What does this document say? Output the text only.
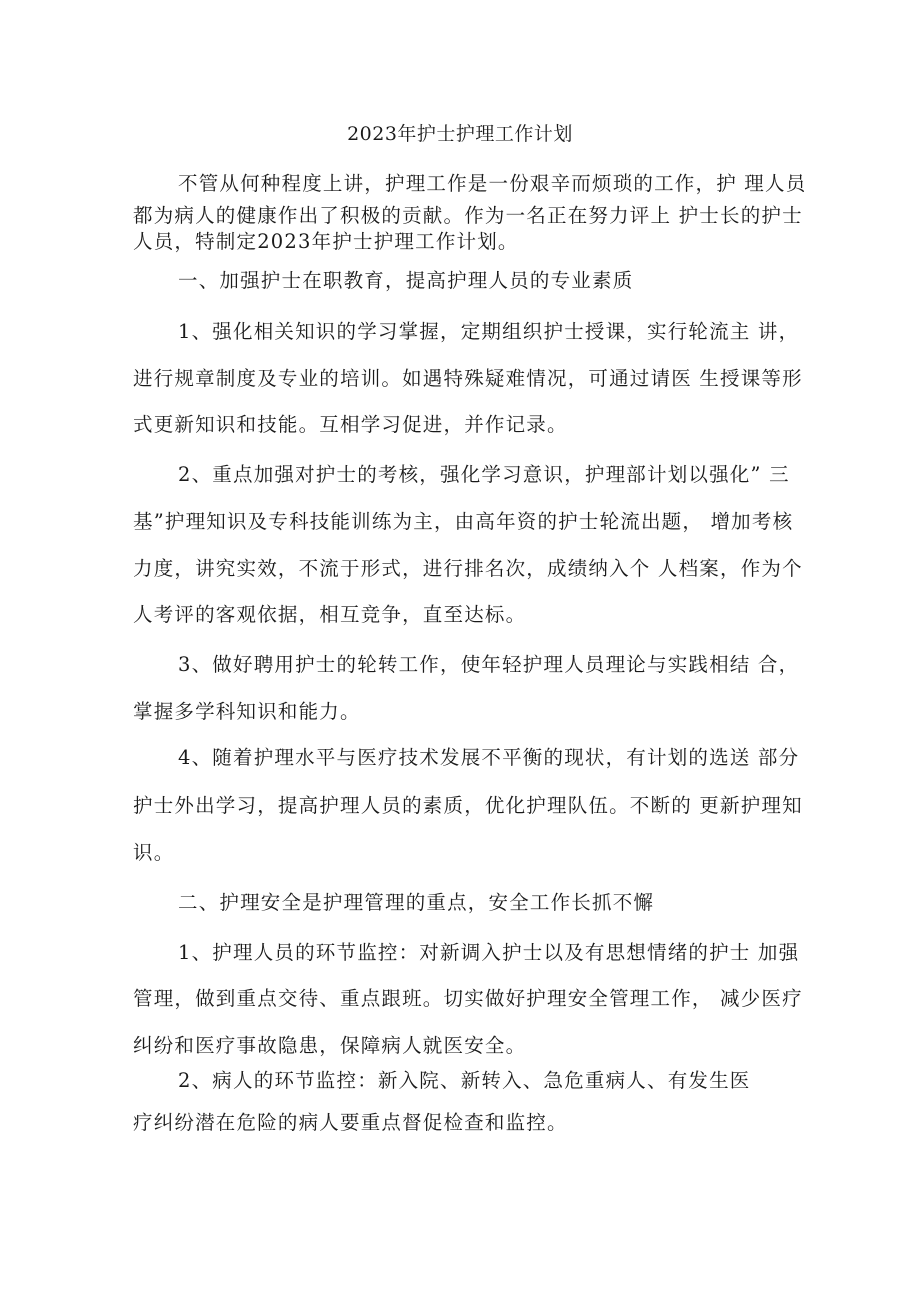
2023年护士护理工作计划
不管从何种程度上讲，护理工作是一份艰辛而烦琐的工作，护 理人员
都为病人的健康作出了积极的贡献。作为一名正在努力评上 护士长的护士
人员，特制定2023年护士护理工作计划。
一、加强护士在职教育，提高护理人员的专业素质
1、强化相关知识的学习掌握，定期组织护士授课，实行轮流主 讲，
进行规章制度及专业的培训。如遇特殊疑难情况，可通过请医 生授课等形
式更新知识和技能。互相学习促进，并作记录。
2、重点加强对护士的考核，强化学习意识，护理部计划以强化” 三
基”护理知识及专科技能训练为主，由高年资的护士轮流出题， 增加考核
力度，讲究实效，不流于形式，进行排名次，成绩纳入个 人档案，作为个
人考评的客观依据，相互竞争，直至达标。
3、做好聘用护士的轮转工作，使年轻护理人员理论与实践相结 合，
掌握多学科知识和能力。
4、随着护理水平与医疗技术发展不平衡的现状，有计划的选送 部分
护士外出学习，提高护理人员的素质，优化护理队伍。不断的 更新护理知
识。
二、护理安全是护理管理的重点，安全工作长抓不懈
1、护理人员的环节监控：对新调入护士以及有思想情绪的护士 加强
管理，做到重点交待、重点跟班。切实做好护理安全管理工作， 减少医疗
纠纷和医疗事故隐患，保障病人就医安全。
2、病人的环节监控：新入院、新转入、急危重病人、有发生医
疗纠纷潜在危险的病人要重点督促检查和监控。
